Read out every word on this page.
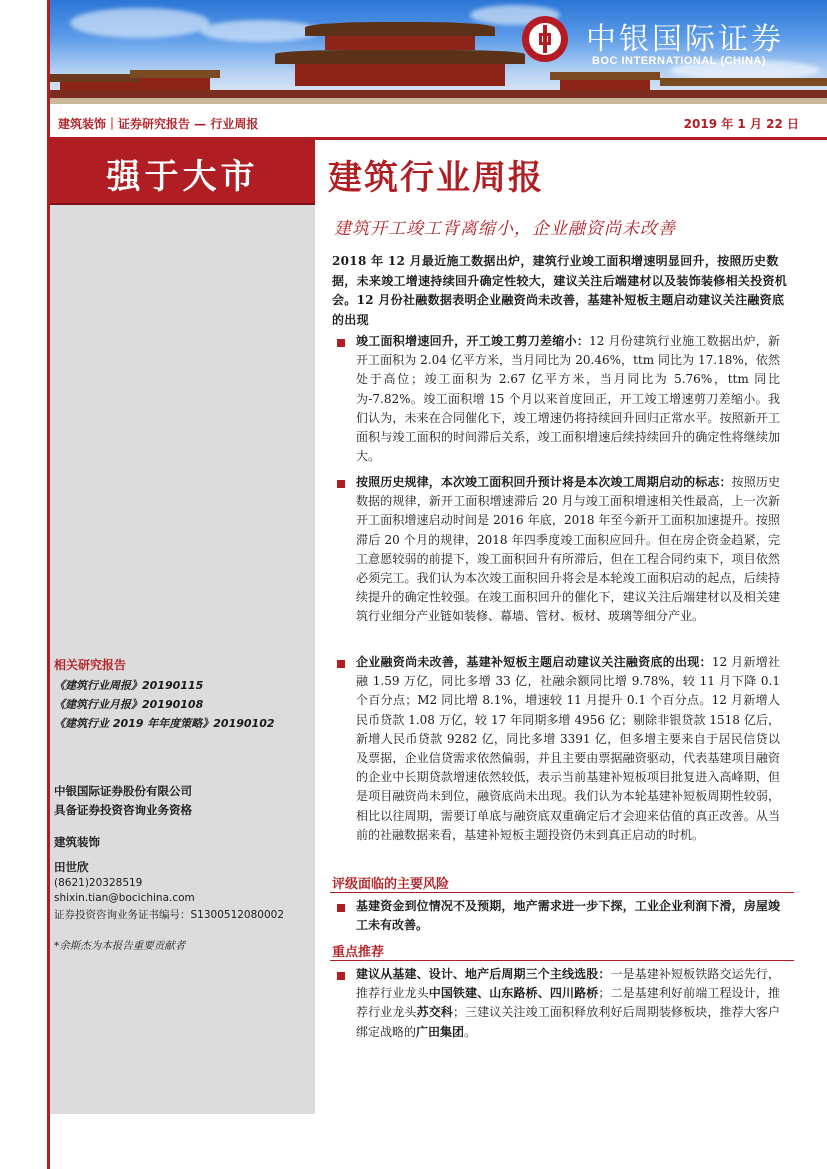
中银国际证券
BOC INTERNATIONAL (CHINA)
建筑装饰｜证券研究报告 — 行业周报	2019 年 1 月 22 日
强于大市
相关研究报告
《建筑行业周报》20190115
《建筑行业月报》20190108
《建筑行业 2019 年年度策略》20190102
中银国际证券股份有限公司
具备证券投资咨询业务资格
建筑装饰
田世欣
(8621)20328519
shixin.tian@bocichina.com
证券投资咨询业务证书编号：S1300512080002
*余斯杰为本报告重要贡献者
建筑行业周报
建筑开工竣工背离缩小，企业融资尚未改善
2018 年 12 月最近施工数据出炉，建筑行业竣工面积增速明显回升，按照历史数据，未来竣工增速持续回升确定性较大，建议关注后端建材以及装饰装修相关投资机会。12 月份社融数据表明企业融资尚未改善，基建补短板主题启动建议关注融资底的出现
竣工面积增速回升，开工竣工剪刀差缩小：12 月份建筑行业施工数据出炉，新开工面积为 2.04 亿平方米，当月同比为 20.46%，ttm 同比为 17.18%，依然处于高位；竣工面积为 2.67 亿平方米，当月同比为 5.76%，ttm 同比为-7.82%。竣工面积增 15 个月以来首度回正，开工竣工增速剪刀差缩小。我们认为，未来在合同催化下，竣工增速仍将持续回升回归正常水平。按照新开工面积与竣工面积的时间滞后关系，竣工面积增速后续持续回升的确定性将继续加大。
按照历史规律，本次竣工面积回升预计将是本次竣工周期启动的标志：按照历史数据的规律，新开工面积增速滞后 20 月与竣工面积增速相关性最高，上一次新开工面积增速启动时间是 2016 年底，2018 年至今新开工面积加速提升。按照滞后 20 个月的规律，2018 年四季度竣工面积应回升。但在房企资金趋紧，完工意愿较弱的前提下，竣工面积回升有所滞后，但在工程合同约束下，项目依然必须完工。我们认为本次竣工面积回升将会是本轮竣工面积启动的起点，后续持续提升的确定性较强。在竣工面积回升的催化下，建议关注后端建材以及相关建筑行业细分产业链如装修、幕墙、管材、板材、玻璃等细分产业。
企业融资尚未改善，基建补短板主题启动建议关注融资底的出现：12 月新增社融 1.59 万亿，同比多增 33 亿，社融余额同比增 9.78%，较 11 月下降 0.1 个百分点；M2 同比增 8.1%，增速较 11 月提升 0.1 个百分点。12 月新增人民币贷款 1.08 万亿，较 17 年同期多增 4956 亿；剔除非银贷款 1518 亿后，新增人民币贷款 9282 亿，同比多增 3391 亿，但多增主要来自于居民信贷以及票据，企业信贷需求依然偏弱，并且主要由票据融资驱动，代表基建项目融资的企业中长期贷款增速依然较低，表示当前基建补短板项目批复进入高峰期，但是项目融资尚未到位，融资底尚未出现。我们认为本轮基建补短板周期性较弱，相比以往周期，需要订单底与融资底双重确定后才会迎来估值的真正改善。从当前的社融数据来看，基建补短板主题投资仍未到真正启动的时机。
评级面临的主要风险
基建资金到位情况不及预期，地产需求进一步下探，工业企业利润下滑，房屋竣工未有改善。
重点推荐
建议从基建、设计、地产后周期三个主线选股：一是基建补短板铁路交运先行，推荐行业龙头中国铁建、山东路桥、四川路桥；二是基建利好前端工程设计，推荐行业龙头苏交科；三建议关注竣工面积释放利好后周期装修板块，推荐大客户绑定战略的广田集团。
